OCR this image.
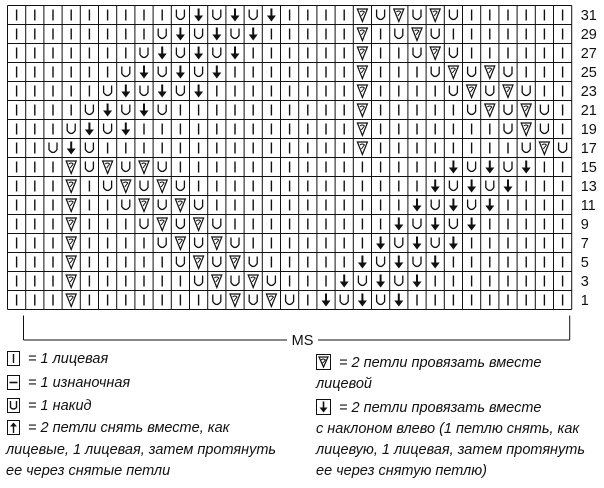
31
29
27
25
23
21
19
17
15
13
11
9
7
5
3
1
MS
= 1 лицевая
= 1 изнаночная
= 1 накид
= 2 петли снять вместе, как
лицевые, 1 лицевая, затем протянуть
ее через снятые петли
= 2 петли провязать вместе
лицевой
= 2 петли провязать вместе
с наклоном влево (1 петлю снять, как
лицевую, 1 лицевая, затем протянуть
ее через снятую петлю)
